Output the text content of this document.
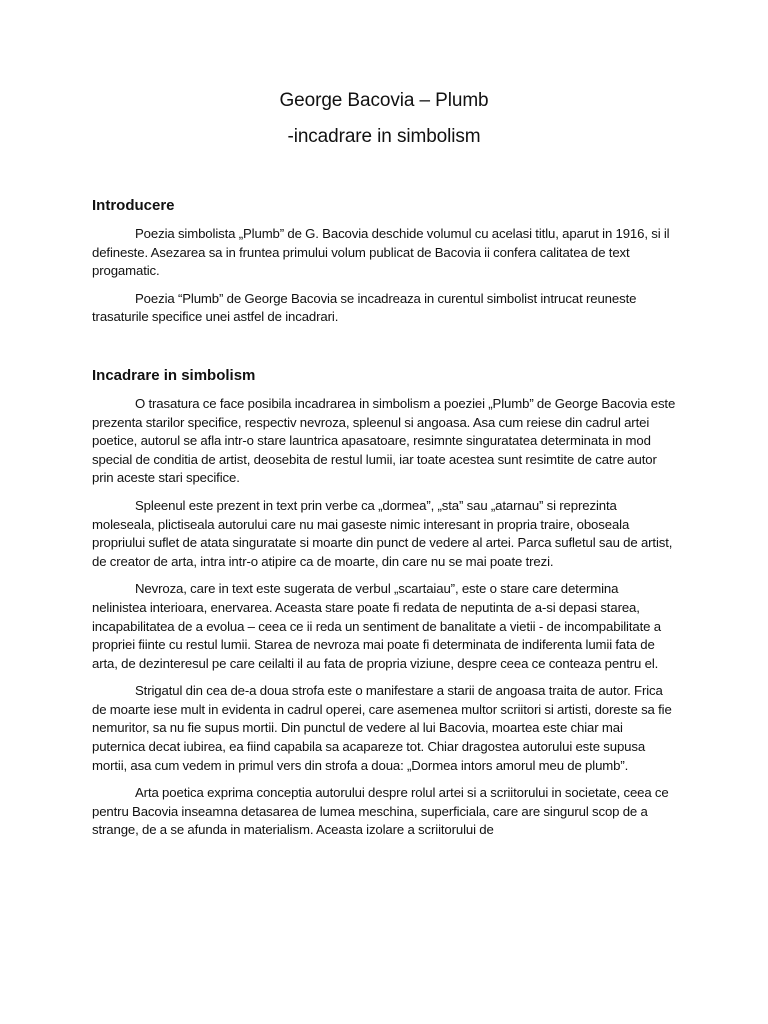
George Bacovia – Plumb
-incadrare in simbolism
Introducere

Poezia simbolista „Plumb” de G. Bacovia deschide volumul cu acelasi titlu, aparut in 1916, si il defineste. Asezarea sa in fruntea primului volum publicat de Bacovia ii confera calitatea de text progamatic.

Poezia “Plumb” de George Bacovia se incadreaza in curentul simbolist intrucat reuneste trasaturile specifice unei astfel de incadrari.

Incadrare in simbolism

O trasatura ce face posibila incadrarea in simbolism a poeziei „Plumb” de George Bacovia este prezenta starilor specifice, respectiv nevroza, spleenul si angoasa. Asa cum reiese din cadrul artei poetice, autorul se afla intr-o stare launtrica apasatoare, resimnte singuratatea determinata in mod special de conditia de artist, deosebita de restul lumii, iar toate acestea sunt resimtite de catre autor prin aceste stari specifice.

Spleenul este prezent in text prin verbe ca „dormea”, „sta” sau „atarnau” si reprezinta moleseala, plictiseala autorului care nu mai gaseste nimic interesant in propria traire, oboseala propriului suflet de atata singuratate si moarte din punct de vedere al artei. Parca sufletul sau de artist, de creator de arta, intra intr-o atipire ca de moarte, din care nu se mai poate trezi.

Nevroza, care in text este sugerata de verbul „scartaiau”, este o stare care determina nelinistea interioara, enervarea. Aceasta stare poate fi redata de neputinta de a-si depasi starea, incapabilitatea de a evolua – ceea ce ii reda un sentiment de banalitate a vietii - de incompabilitate a propriei fiinte cu restul lumii. Starea de nevroza mai poate fi determinata de indiferenta lumii fata de arta, de dezinteresul pe care ceilalti il au fata de propria viziune, despre ceea ce conteaza pentru el.

Strigatul din cea de-a doua strofa este o manifestare a starii de angoasa traita de autor. Frica de moarte iese mult in evidenta in cadrul operei, care asemenea multor scriitori si artisti, doreste sa fie nemuritor, sa nu fie supus mortii. Din punctul de vedere al lui Bacovia, moartea este chiar mai puternica decat iubirea, ea fiind capabila sa acapareze tot. Chiar dragostea autorului este supusa mortii, asa cum vedem in primul vers din strofa a doua: „Dormea intors amorul meu de plumb”.

Arta poetica exprima conceptia autorului despre rolul artei si a scriitorului in societate, ceea ce pentru Bacovia inseamna detasarea de lumea meschina, superficiala, care are singurul scop de a strange, de a se afunda in materialism. Aceasta izolare a scriitorului de
